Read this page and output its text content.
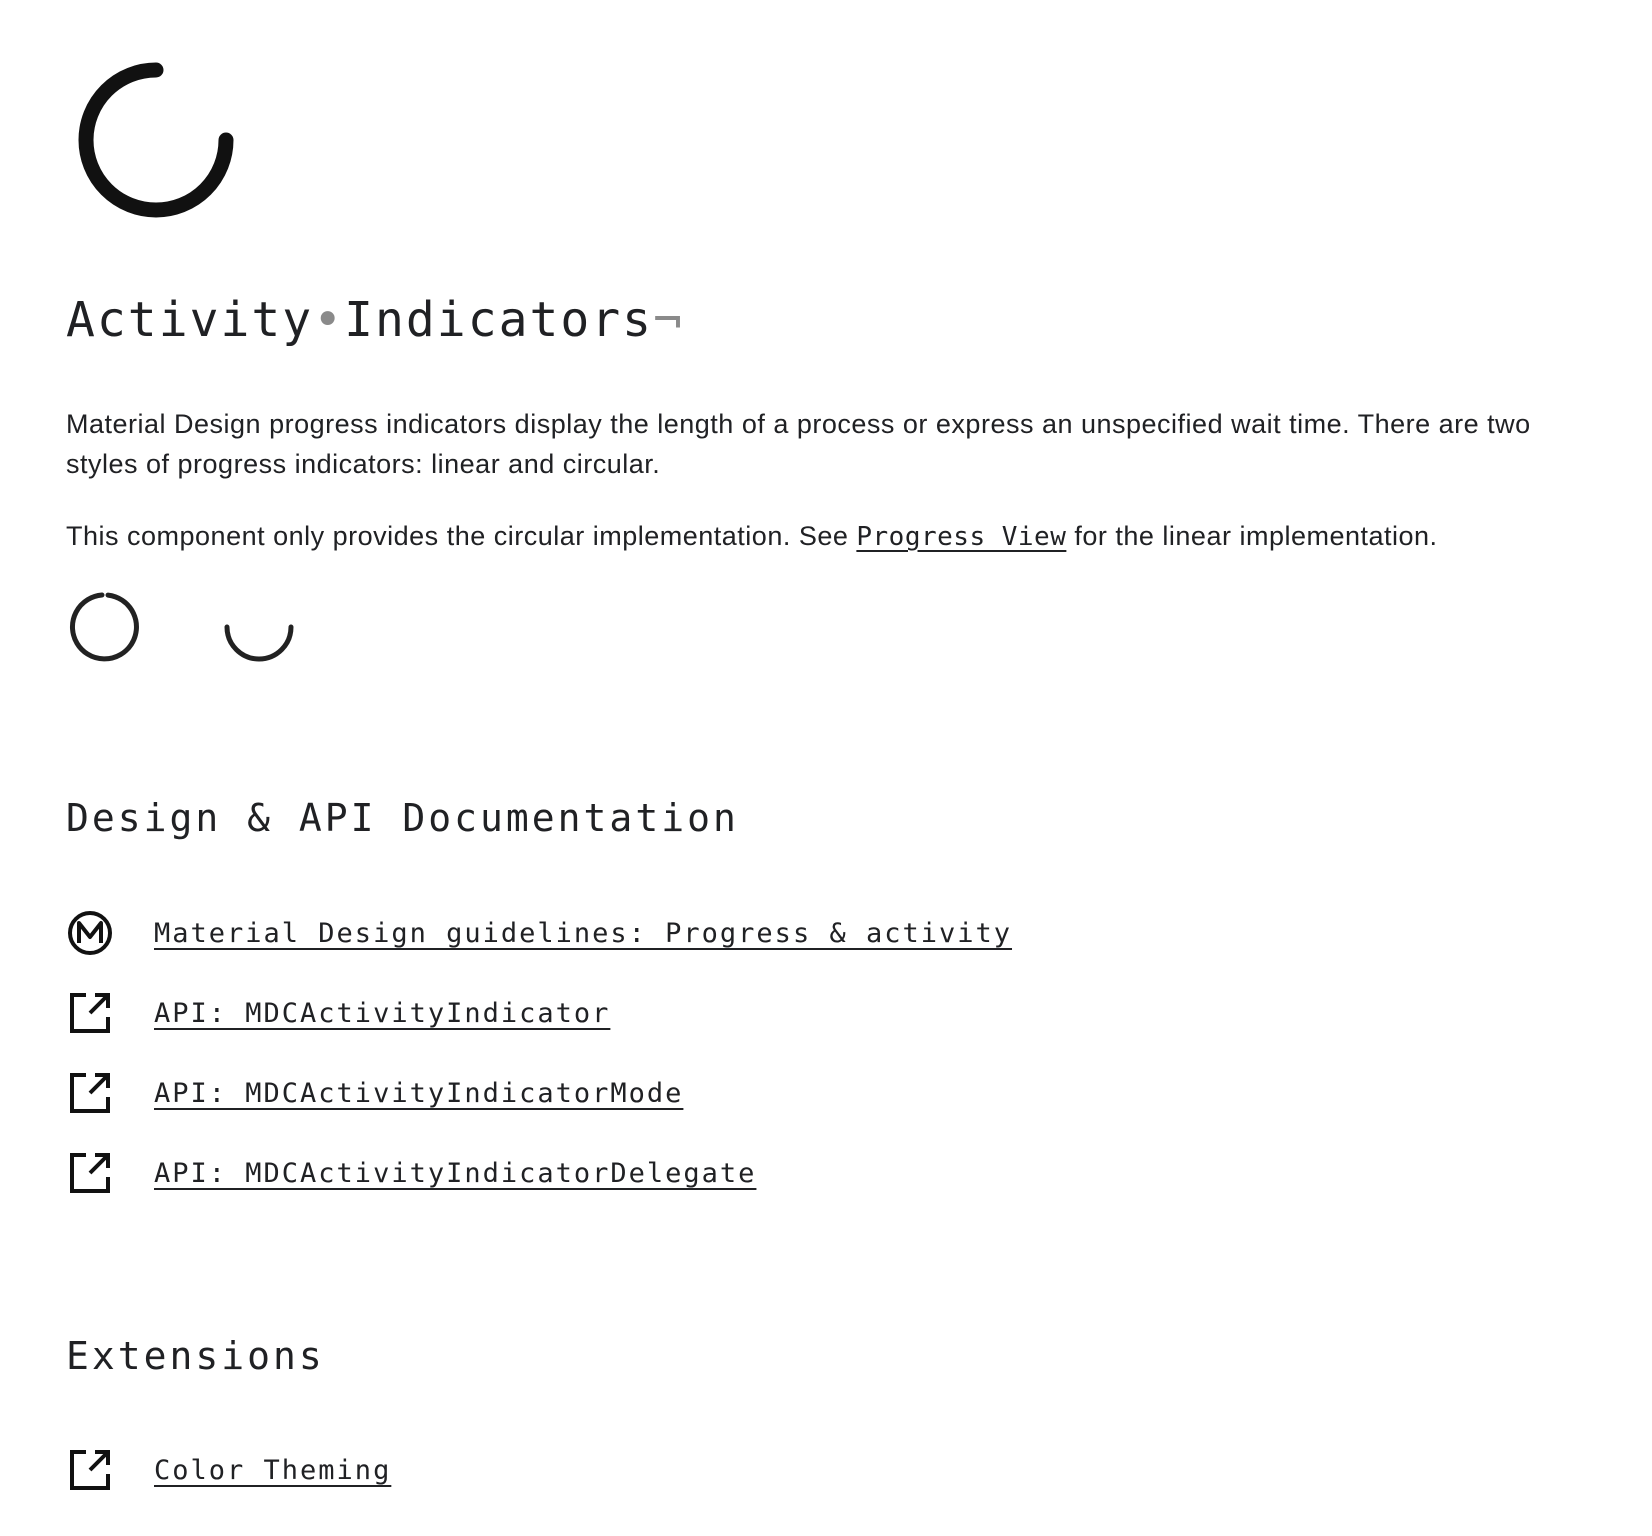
Activity•Indicators¬

Material Design progress indicators display the length of a process or express an unspecified wait time. There are two styles of progress indicators: linear and circular.

This component only provides the circular implementation. See Progress View for the linear implementation.

Design & API Documentation
Material Design guidelines: Progress & activity
API: MDCActivityIndicator
API: MDCActivityIndicatorMode
API: MDCActivityIndicatorDelegate
Extensions
Color Theming
